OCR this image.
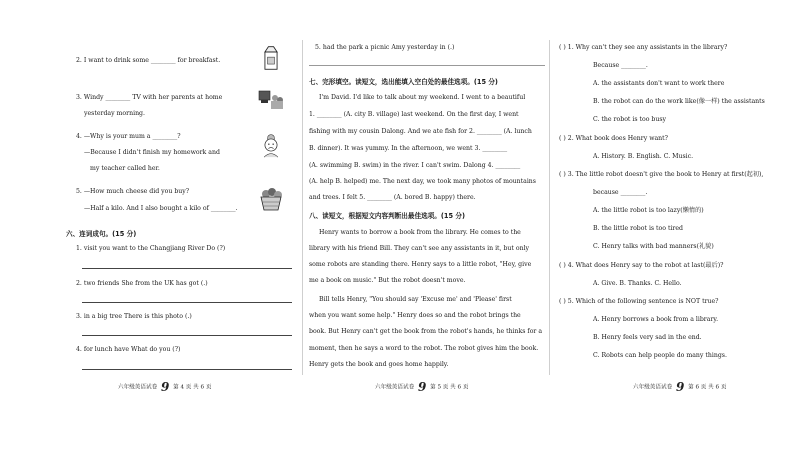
2. I want to drink some ________ for breakfast.
3. Windy ________ TV with her parents at home
yesterday morning.
4. —Why is your mum a ________?
—Because I didn't finish my homework and
my teacher called her.
5. —How much cheese did you buy?
—Half a kilo. And I also bought a kilo of ________.
六、连词成句。(15 分)
1. visit you want to the Changjiang River Do (?)
2. two friends She from the UK has got (.)
3. in a big tree There is this photo (.)
4. for lunch have What do you (?)
六年级英语试卷 9 第 4 页 共 6 页
5. had the park a picnic Amy yesterday in (.)
七、完形填空。读短文，选出能填入空白处的最佳选项。(15 分)
I'm David. I'd like to talk about my weekend. I went to a beautiful
1. ________ (A. city B. village) last weekend. On the first day, I went
fishing with my cousin Dalong. And we ate fish for 2. ________ (A. lunch
B. dinner). It was yummy. In the afternoon, we went 3. ________
(A. swimming B. swim) in the river. I can't swim. Dalong 4. ________
(A. help B. helped) me. The next day, we took many photos of mountains
and trees. I felt 5. ________ (A. bored B. happy) there.
八、读短文，根据短文内容判断出最佳选项。(15 分)
Henry wants to borrow a book from the library. He comes to the
library with his friend Bill. They can't see any assistants in it, but only
some robots are standing there. Henry says to a little robot, "Hey, give
me a book on music." But the robot doesn't move.
Bill tells Henry, "You should say 'Excuse me' and 'Please' first
when you want some help." Henry does so and the robot brings the
book. But Henry can't get the book from the robot's hands, he thinks for a
moment, then he says a word to the robot. The robot gives him the book.
Henry gets the book and goes home happily.
六年级英语试卷 9 第 5 页 共 6 页
( ) 1. Why can't they see any assistants in the library?
Because ________.
A. the assistants don't want to work there
B. the robot can do the work like(像一样) the assistants
C. the robot is too busy
( ) 2. What book does Henry want?
A. History. B. English. C. Music.
( ) 3. The little robot doesn't give the book to Henry at first(起初),
because ________.
A. the little robot is too lazy(懒惰的)
B. the little robot is too tired
C. Henry talks with bad manners(礼貌)
( ) 4. What does Henry say to the robot at last(最后)?
A. Give. B. Thanks. C. Hello.
( ) 5. Which of the following sentence is NOT true?
A. Henry borrows a book from a library.
B. Henry feels very sad in the end.
C. Robots can help people do many things.
六年级英语试卷 9 第 6 页 共 6 页
